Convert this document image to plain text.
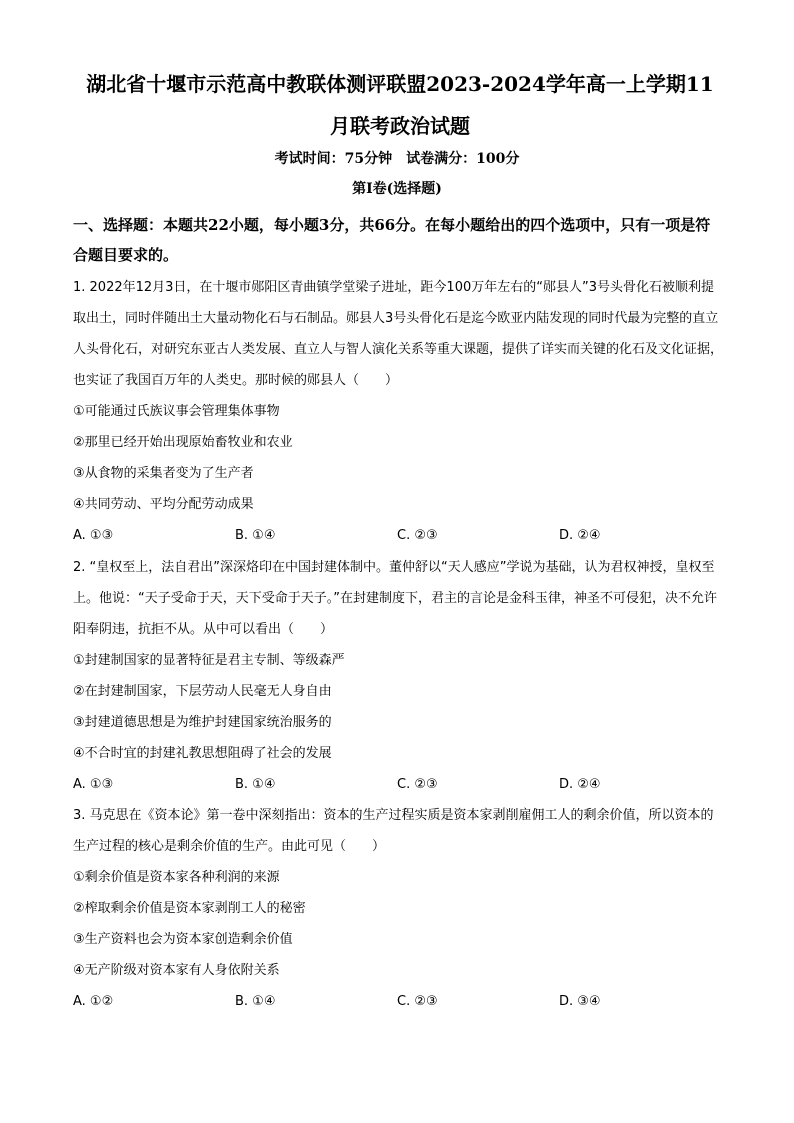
湖北省十堰市示范高中教联体测评联盟2023-2024学年高一上学期11

月联考政治试题

考试时间：75分钟　试卷满分：100分
第Ⅰ卷(选择题)

一、选择题：本题共22小题，每小题3分，共66分。在每小题给出的四个选项中，只有一项是符合题目要求的。

1. 2022年12月3日，在十堰市郧阳区青曲镇学堂梁子进址，距今100万年左右的“郧县人”3号头骨化石被顺利提取出土，同时伴随出土大量动物化石与石制品。郧县人3号头骨化石是迄今欧亚内陆发现的同时代最为完整的直立人头骨化石，对研究东亚古人类发展、直立人与智人演化关系等重大课题，提供了详实而关键的化石及文化证据，也实证了我国百万年的人类史。那时候的郧县人（　　）

①可能通过氏族议事会管理集体事物

②那里已经开始出现原始畜牧业和农业

③从食物的采集者变为了生产者

④共同劳动、平均分配劳动成果

A. ①③	B. ①④	C. ②③	D. ②④

2. “皇权至上，法自君出”深深烙印在中国封建体制中。董仲舒以“天人感应”学说为基础，认为君权神授，皇权至上。他说：“天子受命于天，天下受命于天子。”在封建制度下，君主的言论是金科玉律，神圣不可侵犯，决不允许阳奉阴违，抗拒不从。从中可以看出（　　）

①封建制国家的显著特征是君主专制、等级森严

②在封建制国家，下层劳动人民毫无人身自由

③封建道德思想是为维护封建国家统治服务的

④不合时宜的封建礼教思想阻碍了社会的发展

A. ①③	B. ①④	C. ②③	D. ②④

3. 马克思在《资本论》第一卷中深刻指出：资本的生产过程实质是资本家剥削雇佣工人的剩余价值，所以资本的生产过程的核心是剩余价值的生产。由此可见（　　）

①剩余价值是资本家各种利润的来源

②榨取剩余价值是资本家剥削工人的秘密

③生产资料也会为资本家创造剩余价值

④无产阶级对资本家有人身依附关系

A. ①②	B. ①④	C. ②③	D. ③④
